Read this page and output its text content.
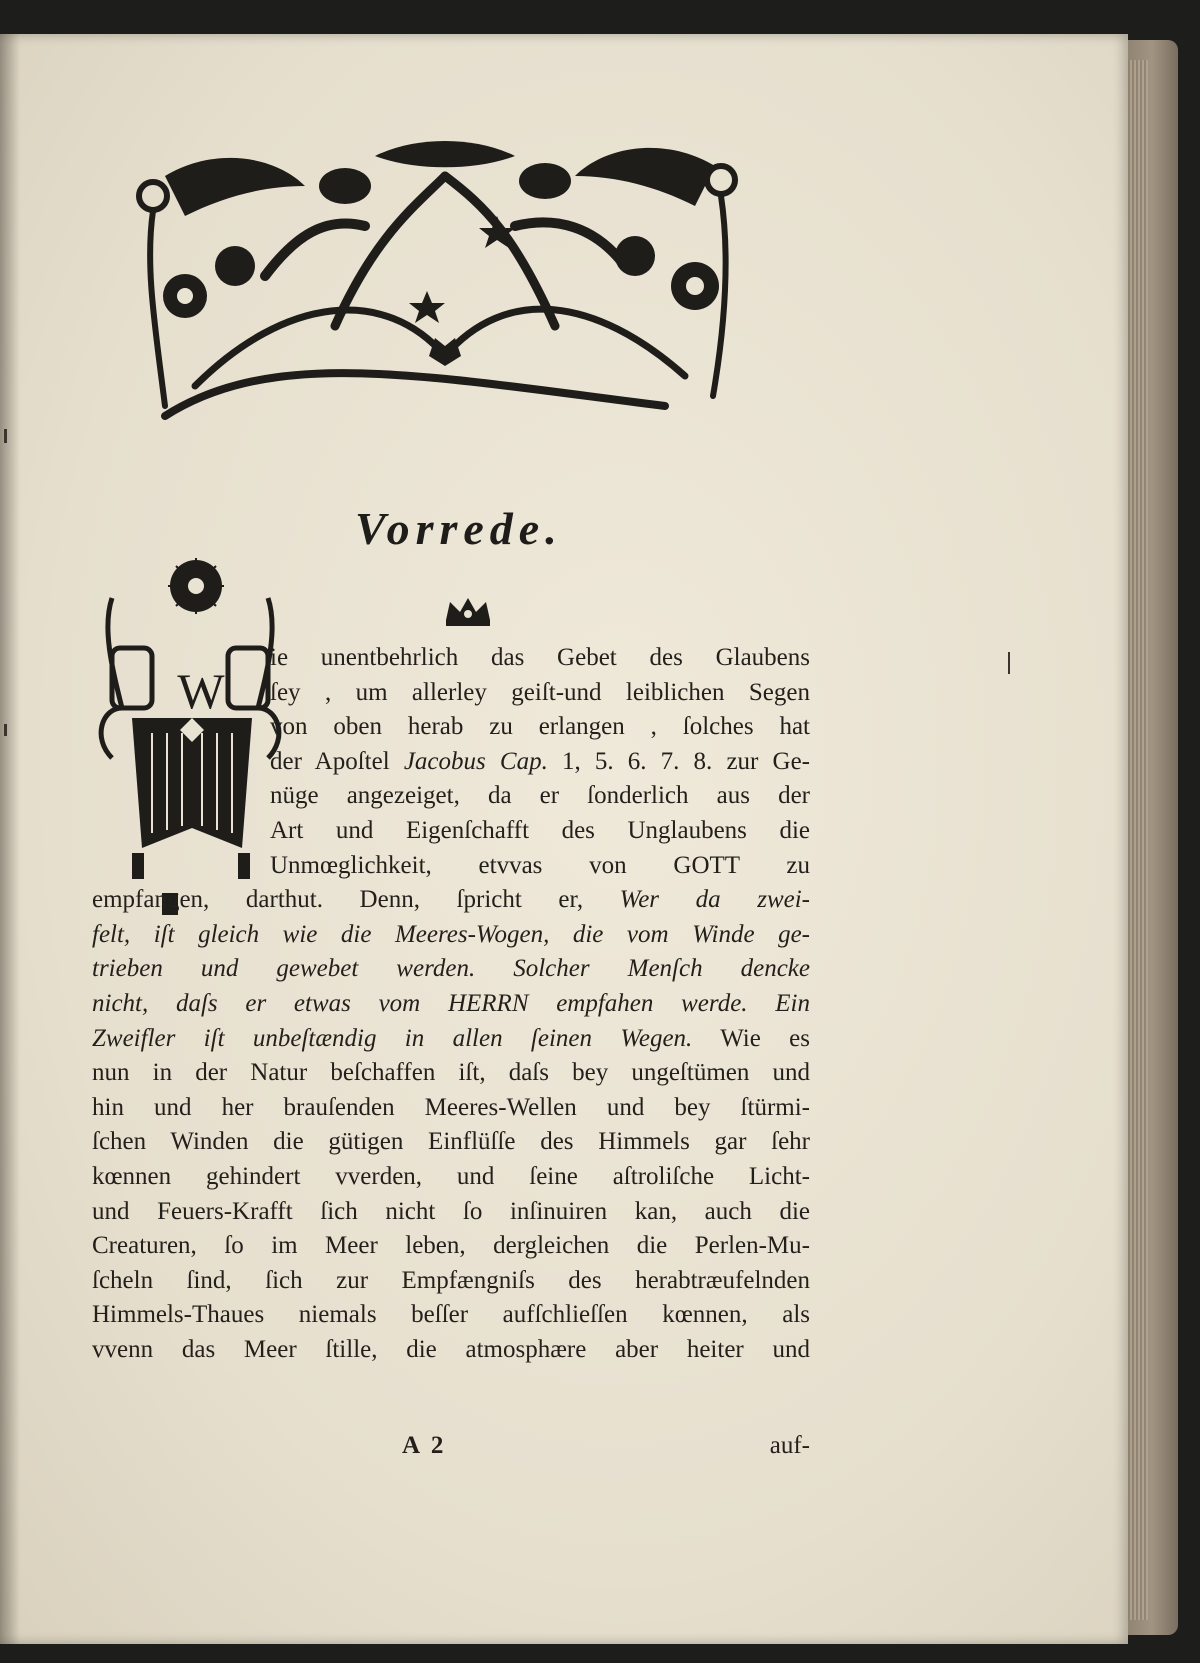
Vorrede.
W
ie unentbehrlich das Gebet des Glaubens
ſey , um allerley geiſt-und leiblichen Segen
von oben herab zu erlangen , ſolches hat
der Apoſtel Jacobus Cap. 1, 5. 6. 7. 8. zur Ge-
nüge angezeiget, da er ſonderlich aus der
Art und Eigenſchafft des Unglaubens die
Unmœglichkeit, etvvas von GOTT zu
empfangen, darthut. Denn, ſpricht er, Wer da zwei-
felt, iſt gleich wie die Meeres-Wogen, die vom Winde ge-
trieben und gewebet werden. Solcher Menſch dencke
nicht, daſs er etwas vom HERRN empfahen werde. Ein
Zweifler iſt unbeſtændig in allen ſeinen Wegen. Wie es
nun in der Natur beſchaffen iſt, daſs bey ungeſtümen und
hin und her brauſenden Meeres-Wellen und bey ſtürmi-
ſchen Winden die gütigen Einflüſſe des Himmels gar ſehr
kœnnen gehindert vverden, und ſeine aſtroliſche Licht-
und Feuers-Krafft ſich nicht ſo inſinuiren kan, auch die
Creaturen, ſo im Meer leben, dergleichen die Perlen-Mu-
ſcheln ſind, ſich zur Empfængniſs des herabtræufelnden
Himmels-Thaues niemals beſſer aufſchlieſſen kœnnen, als
vvenn das Meer ſtille, die atmosphære aber heiter und
A 2	auf-
